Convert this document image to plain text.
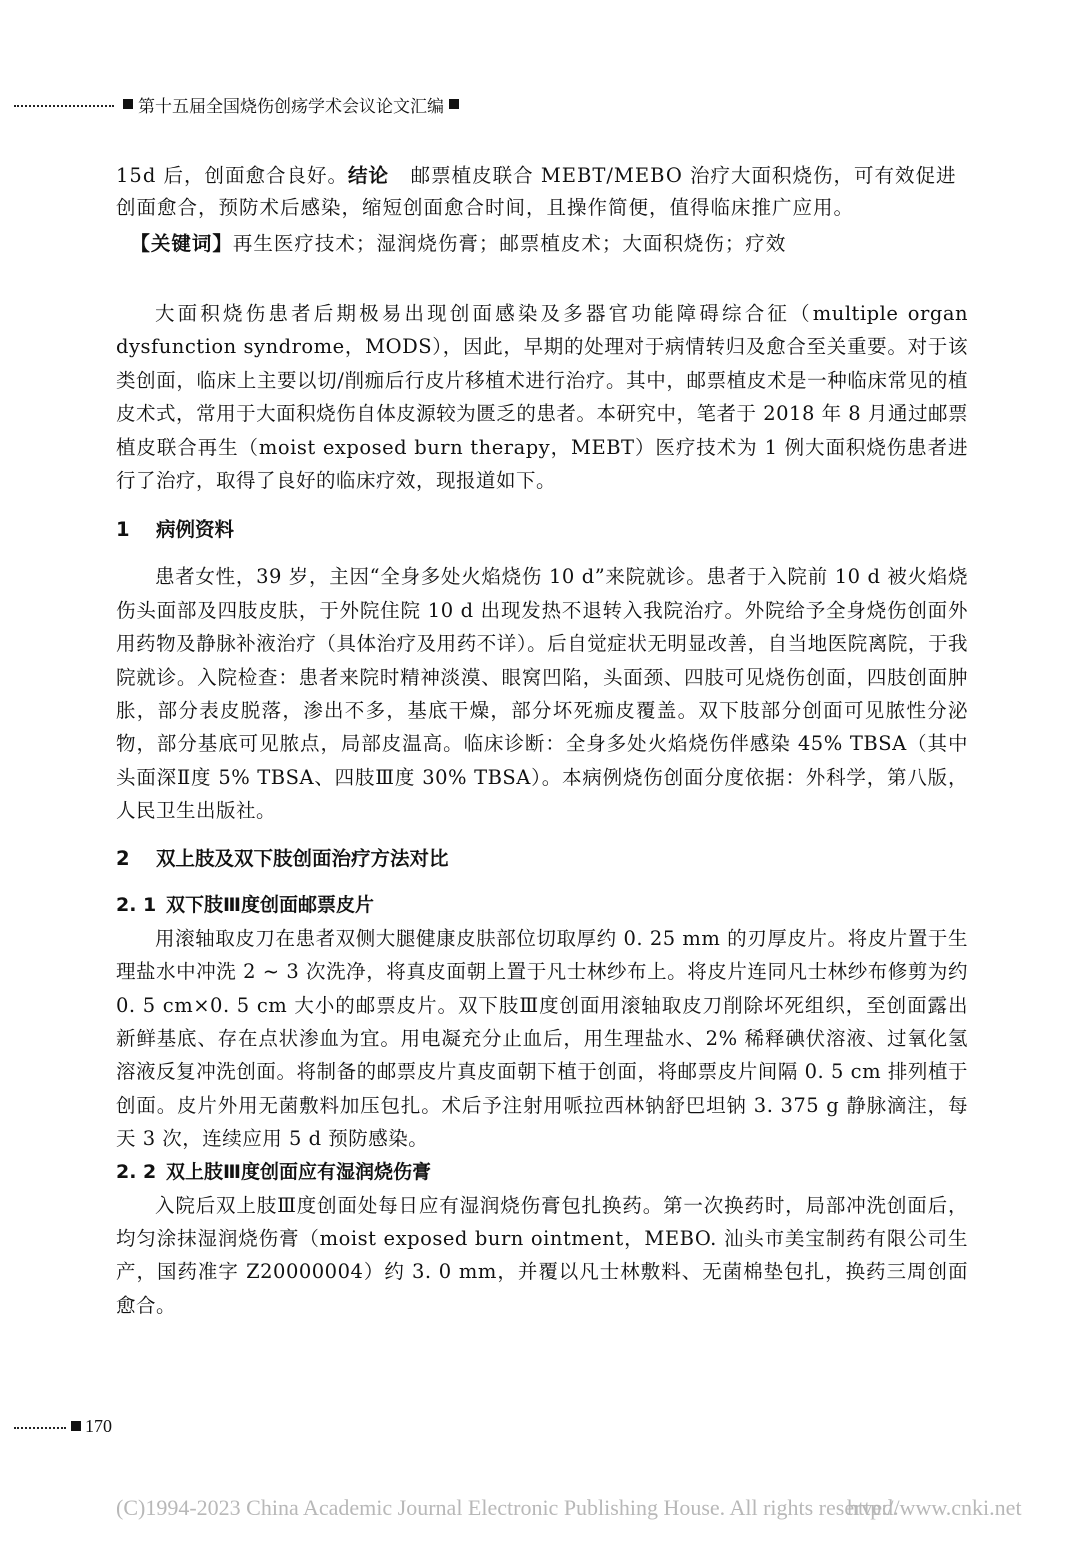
第十五届全国烧伤创疡学术会议论文汇编

15d 后，创面愈合良好。结论 邮票植皮联合 MEBT/MEBO 治疗大面积烧伤，可有效促进

创面愈合，预防术后感染，缩短创面愈合时间，且操作简便，值得临床推广应用。

【关键词】再生医疗技术；湿润烧伤膏；邮票植皮术；大面积烧伤；疗效

大面积烧伤患者后期极易出现创面感染及多器官功能障碍综合征（multiple organ dysfunction syndrome，MODS），因此，早期的处理对于病情转归及愈合至关重要。对于该类创面，临床上主要以切/削痂后行皮片移植术进行治疗。其中，邮票植皮术是一种临床常见的植皮术式，常用于大面积烧伤自体皮源较为匮乏的患者。本研究中，笔者于 2018 年 8 月通过邮票植皮联合再生（moist exposed burn therapy，MEBT）医疗技术为 1 例大面积烧伤患者进行了治疗，取得了良好的临床疗效，现报道如下。

1 病例资料

患者女性，39 岁，主因“全身多处火焰烧伤 10 d”来院就诊。患者于入院前 10 d 被火焰烧伤头面部及四肢皮肤，于外院住院 10 d 出现发热不退转入我院治疗。外院给予全身烧伤创面外用药物及静脉补液治疗（具体治疗及用药不详）。后自觉症状无明显改善，自当地医院离院，于我院就诊。入院检查：患者来院时精神淡漠、眼窝凹陷，头面颈、四肢可见烧伤创面，四肢创面肿胀，部分表皮脱落，渗出不多，基底干燥，部分坏死痂皮覆盖。双下肢部分创面可见脓性分泌物，部分基底可见脓点，局部皮温高。临床诊断：全身多处火焰烧伤伴感染 45% TBSA（其中头面深Ⅱ度 5% TBSA、四肢Ⅲ度 30% TBSA）。本病例烧伤创面分度依据：外科学，第八版，人民卫生出版社。

2 双上肢及双下肢创面治疗方法对比
2. 1 双下肢Ⅲ度创面邮票皮片

用滚轴取皮刀在患者双侧大腿健康皮肤部位切取厚约 0. 25 mm 的刃厚皮片。将皮片置于生理盐水中冲洗 2 ~ 3 次洗净，将真皮面朝上置于凡士林纱布上。将皮片连同凡士林纱布修剪为约 0. 5 cm×0. 5 cm 大小的邮票皮片。双下肢Ⅲ度创面用滚轴取皮刀削除坏死组织，至创面露出新鲜基底、存在点状渗血为宜。用电凝充分止血后，用生理盐水、2% 稀释碘伏溶液、过氧化氢溶液反复冲洗创面。将制备的邮票皮片真皮面朝下植于创面，将邮票皮片间隔 0. 5 cm 排列植于创面。皮片外用无菌敷料加压包扎。术后予注射用哌拉西林钠舒巴坦钠 3. 375 g 静脉滴注，每天 3 次，连续应用 5 d 预防感染。

2. 2 双上肢Ⅲ度创面应有湿润烧伤膏

入院后双上肢Ⅲ度创面处每日应有湿润烧伤膏包扎换药。第一次换药时，局部冲洗创面后，均匀涂抹湿润烧伤膏（moist exposed burn ointment，MEBO. 汕头市美宝制药有限公司生产，国药准字 Z20000004）约 3. 0 mm，并覆以凡士林敷料、无菌棉垫包扎，换药三周创面愈合。

170
(C)1994-2023 China Academic Journal Electronic Publishing House. All rights reserved.
http://www.cnki.net
